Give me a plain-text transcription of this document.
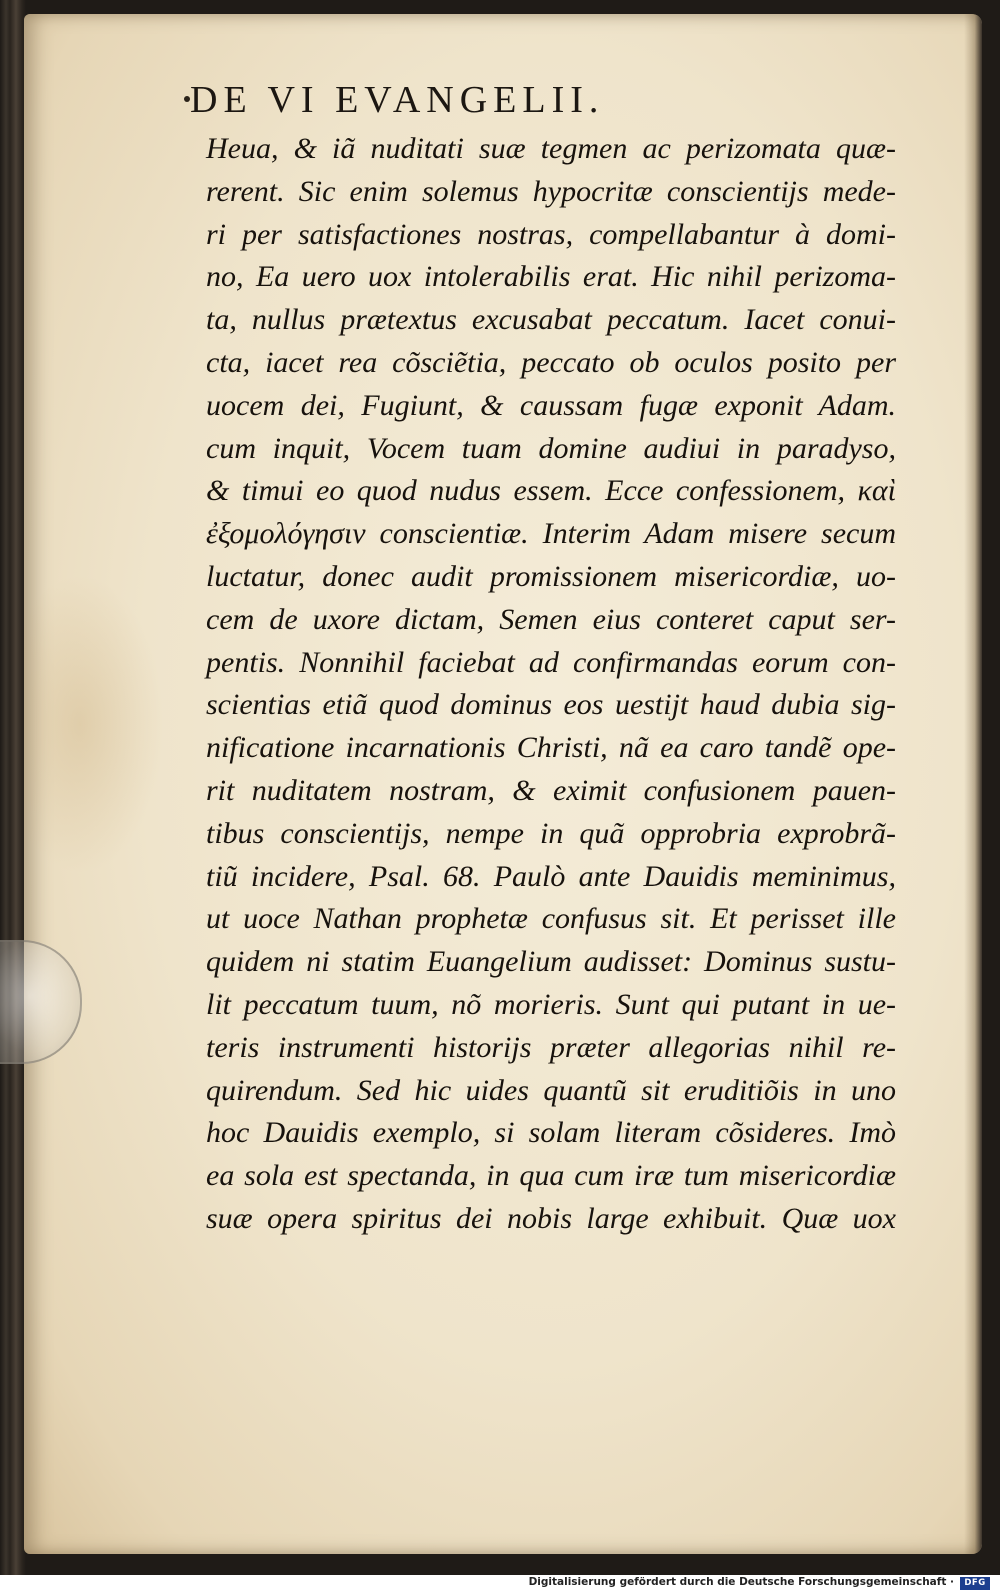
DE VI EVANGELII.
Heua, & iã nuditati suæ tegmen ac perizomata quæ-
rerent. Sic enim solemus hypocritæ conscientijs mede-
ri per satisfactiones nostras, compellabantur à domi-
no, Ea uero uox intolerabilis erat. Hic nihil perizoma-
ta, nullus prætextus excusabat peccatum. Iacet conui-
cta, iacet rea cõsciẽtia, peccato ob oculos posito per
uocem dei, Fugiunt, & caussam fugæ exponit Adam.
cum inquit, Vocem tuam domine audiui in paradyso,
& timui eo quod nudus essem. Ecce confessionem, καὶ
ἐξομολόγησιν conscientiæ. Interim Adam misere secum
luctatur, donec audit promissionem misericordiæ, uo-
cem de uxore dictam, Semen eius conteret caput ser-
pentis. Nonnihil faciebat ad confirmandas eorum con-
scientias etiã quod dominus eos uestijt haud dubia sig-
nificatione incarnationis Christi, nã ea caro tandẽ ope-
rit nuditatem nostram, & eximit confusionem pauen-
tibus conscientijs, nempe in quã opprobria exprobrã-
tiũ incidere, Psal. 68. Paulò ante Dauidis meminimus,
ut uoce Nathan prophetæ confusus sit. Et perisset ille
quidem ni statim Euangelium audisset: Dominus sustu-
lit peccatum tuum, nõ morieris. Sunt qui putant in ue-
teris instrumenti historijs præter allegorias nihil re-
quirendum. Sed hic uides quantũ sit eruditiõis in uno
hoc Dauidis exemplo, si solam literam cõsideres. Imò
ea sola est spectanda, in qua cum iræ tum misericordiæ
suæ opera spiritus dei nobis large exhibuit. Quæ uox
Digitalisierung gefördert durch die Deutsche Forschungsgemeinschaft ·	DFG
